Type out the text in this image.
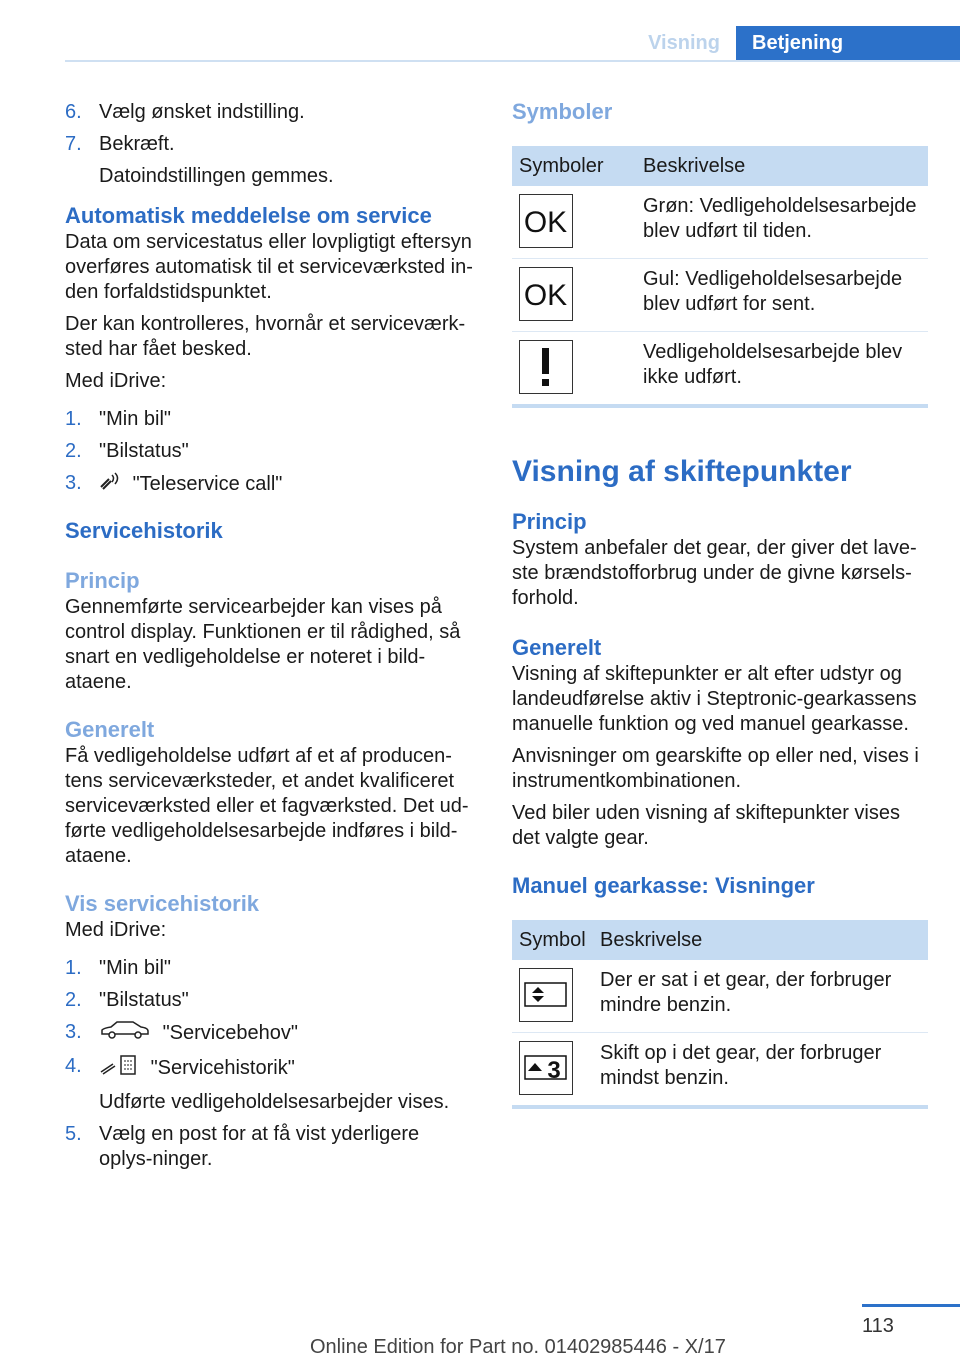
Visning	Betjening
6. Vælg ønsket indstilling.
7. Bekræft.
Datoindstillingen gemmes.

Automatisk meddelelse om service

Data om servicestatus eller lovpligtigt eftersyn overføres automatisk til et serviceværksted in‐den forfaldstidspunktet.

Der kan kontrolleres, hvornår et serviceværk‐sted har fået besked.

Med iDrive:

1. "Min bil"
2. "Bilstatus"
3.	"Teleservice call"

Servicehistorik

Princip

Gennemførte servicearbejder kan vises på control display. Funktionen er til rådighed, så snart en vedligeholdelse er noteret i bild‐ataene.

Generelt

Få vedligeholdelse udført af et af producen‐tens serviceværksteder, et andet kvalificeret serviceværksted eller et fagværksted. Det ud‐førte vedligeholdelsesarbejde indføres i bild‐ataene.

Vis servicehistorik

Med iDrive:

1. "Min bil"
2. "Bilstatus"
3.	"Servicebehov"
4.	"Servicehistorik"
Udførte vedligeholdelsesarbejder vises.
5. Vælg en post for at få vist yderligere oplys‐ninger.

Symboler

Symboler	Beskrivelse

OK	Grøn: Vedligeholdelsesarbejde blev udført til tiden.

OK	Gul: Vedligeholdelsesarbejde blev udført for sent.

	Vedligeholdelsesarbejde blev ikke udført.

Visning af skiftepunkter

Princip

System anbefaler det gear, der giver det lave‐ste brændstofforbrug under de givne kørsels‐forhold.

Generelt

Visning af skiftepunkter er alt efter udstyr og landeudførelse aktiv i Steptronic-gearkassens manuelle funktion og ved manuel gearkasse.

Anvisninger om gearskifte op eller ned, vises i instrumentkombinationen.

Ved biler uden visning af skiftepunkter vises det valgte gear.

Manuel gearkasse: Visninger

Symbol	Beskrivelse

	Der er sat i et gear, der forbruger mindre benzin.

3	Skift op i det gear, der forbruger mindst benzin.
113
Online Edition for Part no. 01402985446 - X/17
